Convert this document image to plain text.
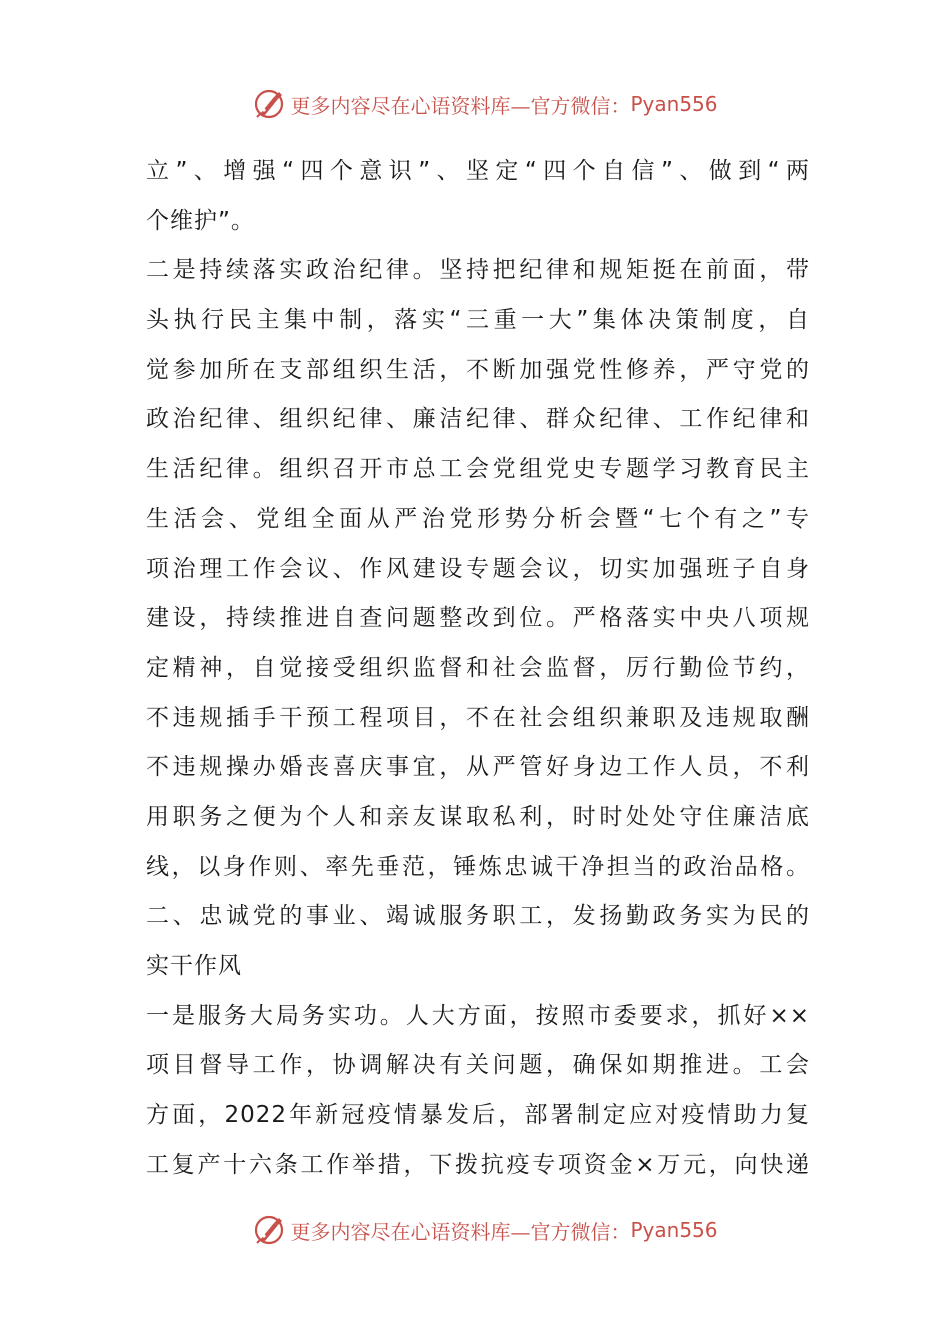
更多内容尽在心语资料库—官方微信： Pyan556
立”、增强“四个意识”、坚定“四个自信”、做到“两
个维护”。
二是持续落实政治纪律。坚持把纪律和规矩挺在前面，带
头执行民主集中制，落实“三重一大”集体决策制度，自
觉参加所在支部组织生活，不断加强党性修养，严守党的
政治纪律、组织纪律、廉洁纪律、群众纪律、工作纪律和
生活纪律。组织召开市总工会党组党史专题学习教育民主
生活会、党组全面从严治党形势分析会暨“七个有之”专
项治理工作会议、作风建设专题会议，切实加强班子自身
建设，持续推进自查问题整改到位。严格落实中央八项规
定精神，自觉接受组织监督和社会监督，厉行勤俭节约，
不违规插手干预工程项目，不在社会组织兼职及违规取酬
不违规操办婚丧喜庆事宜，从严管好身边工作人员，不利
用职务之便为个人和亲友谋取私利，时时处处守住廉洁底
线，以身作则、率先垂范，锤炼忠诚干净担当的政治品格。
二、忠诚党的事业、竭诚服务职工，发扬勤政务实为民的
实干作风
一是服务大局务实功。人大方面，按照市委要求，抓好××
项目督导工作，协调解决有关问题，确保如期推进。工会
方面，2022年新冠疫情暴发后，部署制定应对疫情助力复
工复产十六条工作举措，下拨抗疫专项资金×万元，向快递
更多内容尽在心语资料库—官方微信： Pyan556
